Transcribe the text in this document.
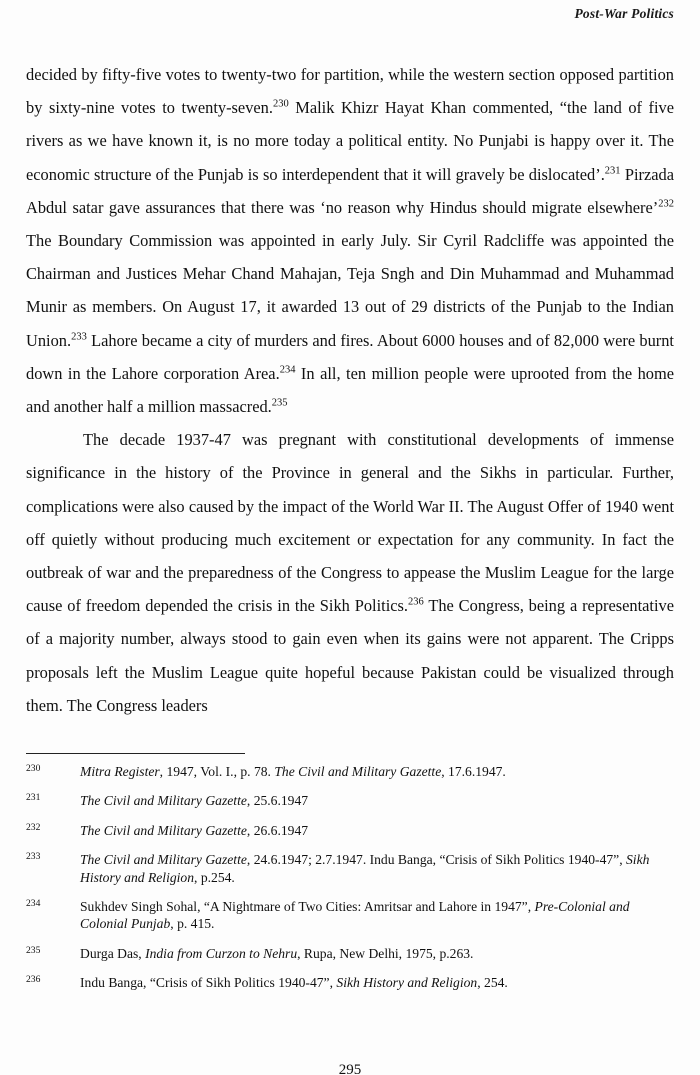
Post-War Politics

decided by fifty-five votes to twenty-two for partition, while the western section opposed partition by sixty-nine votes to twenty-seven.$^{230}$ Malik Khizr Hayat Khan commented, “the land of five rivers as we have known it, is no more today a political entity. No Punjabi is happy over it. The economic structure of the Punjab is so interdependent that it will gravely be dislocated’.$^{231}$ Pirzada Abdul satar gave assurances that there was ‘no reason why Hindus should migrate elsewhere’$^{232}$ The Boundary Commission was appointed in early July. Sir Cyril Radcliffe was appointed the Chairman and Justices Mehar Chand Mahajan, Teja Sngh and Din Muhammad and Muhammad Munir as members. On August 17, it awarded 13 out of 29 districts of the Punjab to the Indian Union.$^{233}$ Lahore became a city of murders and fires. About 6000 houses and of 82,000 were burnt down in the Lahore corporation Area.$^{234}$ In all, ten million people were uprooted from the home and another half a million massacred.$^{235}$

The decade 1937-47 was pregnant with constitutional developments of immense significance in the history of the Province in general and the Sikhs in particular. Further, complications were also caused by the impact of the World War II. The August Offer of 1940 went off quietly without producing much excitement or expectation for any community. In fact the outbreak of war and the preparedness of the Congress to appease the Muslim League for the large cause of freedom depended the crisis in the Sikh Politics.$^{236}$ The Congress, being a representative of a majority number, always stood to gain even when its gains were not apparent. The Cripps proposals left the Muslim League quite hopeful because Pakistan could be visualized through them. The Congress leaders

230	Mitra Register, 1947, Vol. I., p. 78. The Civil and Military Gazette, 17.6.1947.
231	The Civil and Military Gazette, 25.6.1947
232	The Civil and Military Gazette, 26.6.1947
233	The Civil and Military Gazette, 24.6.1947; 2.7.1947. Indu Banga, “Crisis of Sikh Politics 1940-47”, Sikh History and Religion, p.254.
234	Sukhdev Singh Sohal, “A Nightmare of Two Cities: Amritsar and Lahore in 1947”, Pre-Colonial and Colonial Punjab, p. 415.
235	Durga Das, India from Curzon to Nehru, Rupa, New Delhi, 1975, p.263.
236	Indu Banga, “Crisis of Sikh Politics 1940-47”, Sikh History and Religion, 254.
295
